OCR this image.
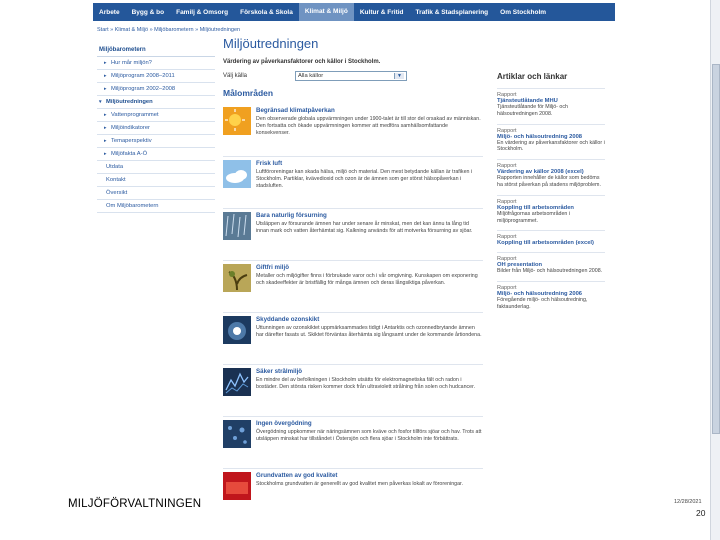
Arbete	Bygg & bo	Familj & Omsorg	Förskola & Skola	Klimat & Miljö	Kultur & Fritid	Trafik & Stadsplanering	Om Stockholm
Start » Klimat & Miljö » Miljöbarometern » Miljöutredningen
Miljöbarometern
▸ Hur mår miljön?
▸ Miljöprogram 2008–2011
▸ Miljöprogram 2002–2008
▾ Miljöutredningen
▸ Vattenprogrammet
▸ Miljöindikatorer
▸ Temaperspektiv
▸ Miljöfakta A-Ö
Utdata
Kontakt
Översikt
Om Miljöbarometern
Miljöutredningen
Värdering av påverkansfaktorer och källor i Stockholm.
Välj källa	Alla källor	▼
Målområden
Begränsad klimatpåverkan
Den observerade globala uppvärmningen under 1900-talet är till stor del orsakad av människan. Den fortsatta och ökade uppvärmningen kommer att medföra samhällsomfattande konsekvenser.
Frisk luft
Luftföroreningar kan skada hälsa, miljö och material. Den mest betydande källan är trafiken i Stockholm. Partiklar, kvävedioxid och ozon är de ämnen som ger störst hälsopåverkan i stadsluften.
Bara naturlig försurning
Utsläppen av försurande ämnen har under senare år minskat, men det kan ännu ta lång tid innan mark och vatten återhämtat sig. Kalkning används för att motverka försurning av sjöar.
Giftfri miljö
Metaller och miljögifter finns i förbrukade varor och i vår omgivning. Kunskapen om exponering och skadeeffekter är bristfällig för många ämnen och deras långsiktiga påverkan.
Skyddande ozonskikt
Uttunningen av ozonskiktet uppmärksammades tidigt i Antarktis och ozonnedbrytande ämnen har därefter fasats ut. Skiktet förväntas återhämta sig långsamt under de kommande årtiondena.
Säker strålmiljö
En mindre del av befolkningen i Stockholm utsätts för elektromagnetiska fält och radon i bostäder. Den största risken kommer dock från ultraviolett strålning från solen och hudcancer.
Ingen övergödning
Övergödning uppkommer när näringsämnen som kväve och fosfor tillförs sjöar och hav. Trots att utsläppen minskat har tillståndet i Östersjön och flera sjöar i Stockholm inte förbättrats.
Grundvatten av god kvalitet
Stockholms grundvatten är generellt av god kvalitet men påverkas lokalt av föroreningar.
Artiklar och länkar
Rapport
Tjänsteutlåtande MHU
Tjänsteutlåtande för Miljö- och hälsoutredningen 2008.
Rapport
Miljö- och hälsoutredning 2008
En värdering av påverkansfaktorer och källor i Stockholm.
Rapport
Värdering av källor 2008 (excel)
Rapporten innehåller de källor som bedöms ha störst påverkan på stadens miljöproblem.
Rapport
Koppling till arbetsområden
Miljöfrågornas arbetsområden i miljöprogrammet.
Rapport
Koppling till arbetsområden (excel)
Rapport
OH presentation
Bilder från Miljö- och hälsoutredningen 2008.
Rapport
Miljö- och hälsoutredning 2006
Föregående miljö- och hälsoutredning, faktaunderlag.
MILJÖFÖRVALTNINGEN	12/28/2021
20
